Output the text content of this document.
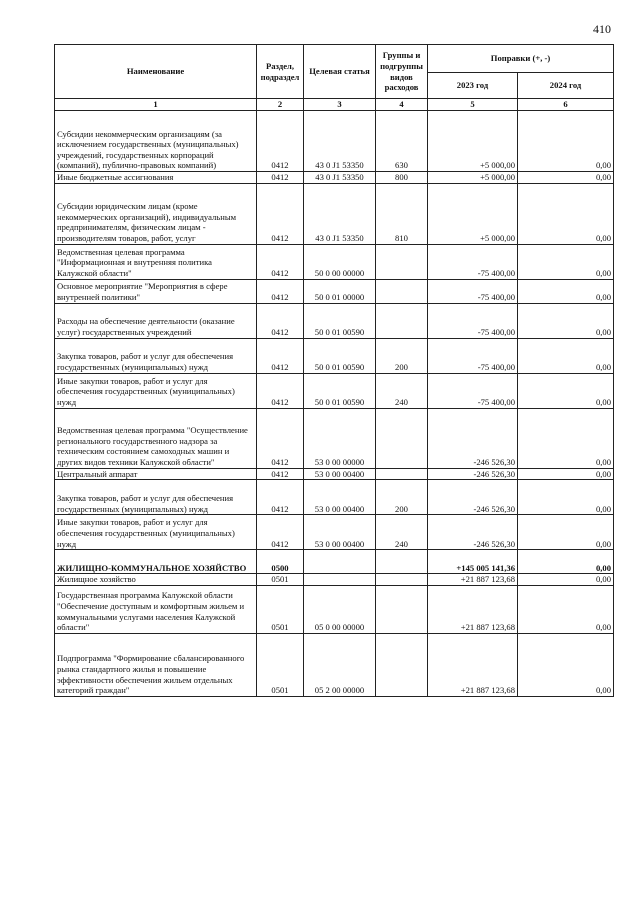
410
Наименование	Раздел, подраздел	Целевая статья	Группы и подгруппы видов расходов	Поправки (+, -)	
				2023 год	2024 год
1	2	3	4	5	6
Субсидии некоммерческим организациям (за исключением государственных (муниципальных) учреждений, государственных корпораций (компаний), публично-правовых компаний)	0412	43 0 J1 53350	630	+5 000,00	0,00
Иные бюджетные ассигнования	0412	43 0 J1 53350	800	+5 000,00	0,00
Субсидии юридическим лицам (кроме некоммерческих организаций), индивидуальным предпринимателям, физическим лицам - производителям товаров, работ, услуг	0412	43 0 J1 53350	810	+5 000,00	0,00
Ведомственная целевая программа "Информационная и внутренняя политика Калужской области"	0412	50 0 00 00000		-75 400,00	0,00
Основное мероприятие "Мероприятия в сфере внутренней политики"	0412	50 0 01 00000		-75 400,00	0,00
Расходы на обеспечение деятельности (оказание услуг) государственных учреждений	0412	50 0 01 00590		-75 400,00	0,00
Закупка товаров, работ и услуг для обеспечения государственных (муниципальных) нужд	0412	50 0 01 00590	200	-75 400,00	0,00
Иные закупки товаров, работ и услуг для обеспечения государственных (муниципальных) нужд	0412	50 0 01 00590	240	-75 400,00	0,00
Ведомственная целевая программа "Осуществление регионального государственного надзора за техническим состоянием самоходных машин и других видов техники Калужской области"	0412	53 0 00 00000		-246 526,30	0,00
Центральный аппарат	0412	53 0 00 00400		-246 526,30	0,00
Закупка товаров, работ и услуг для обеспечения государственных (муниципальных) нужд	0412	53 0 00 00400	200	-246 526,30	0,00
Иные закупки товаров, работ и услуг для обеспечения государственных (муниципальных) нужд	0412	53 0 00 00400	240	-246 526,30	0,00
ЖИЛИЩНО-КОММУНАЛЬНОЕ ХОЗЯЙСТВО	0500			+145 005 141,36	0,00
Жилищное хозяйство	0501			+21 887 123,68	0,00
Государственная программа Калужской области "Обеспечение доступным и комфортным жильем и коммунальными услугами населения Калужской области"	0501	05 0 00 00000		+21 887 123,68	0,00
Подпрограмма "Формирование сбалансированного рынка стандартного жилья и повышение эффективности обеспечения жильем отдельных категорий граждан"	0501	05 2 00 00000		+21 887 123,68	0,00
